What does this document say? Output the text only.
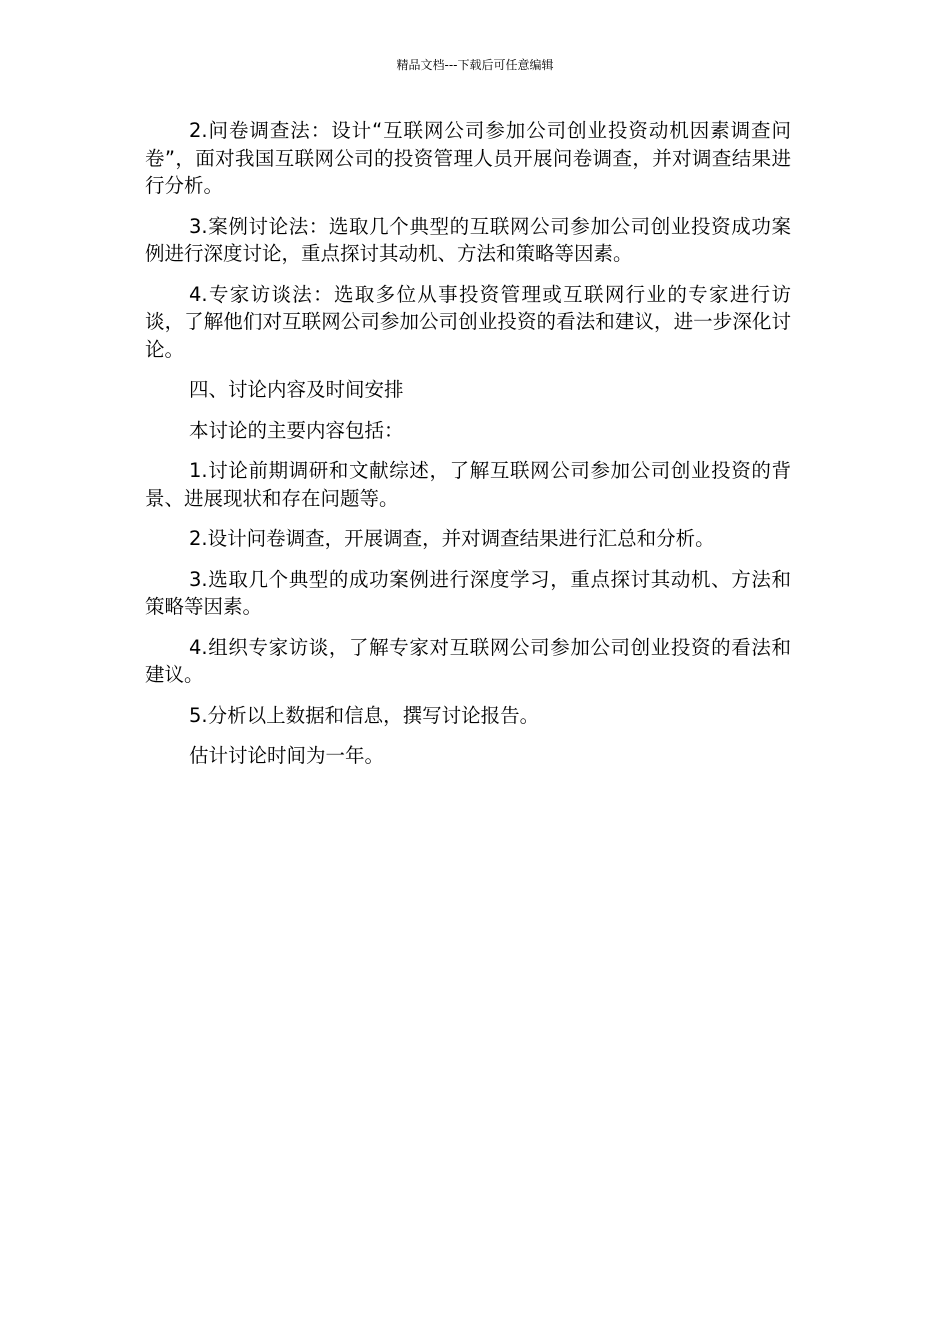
精品文档---下载后可任意编辑

2.问卷调查法：设计“互联网公司参加公司创业投资动机因素调查问卷”，面对我国互联网公司的投资管理人员开展问卷调查，并对调查结果进行分析。

3.案例讨论法：选取几个典型的互联网公司参加公司创业投资成功案例进行深度讨论，重点探讨其动机、方法和策略等因素。

4.专家访谈法：选取多位从事投资管理或互联网行业的专家进行访谈，了解他们对互联网公司参加公司创业投资的看法和建议，进一步深化讨论。

四、讨论内容及时间安排

本讨论的主要内容包括：

1.讨论前期调研和文献综述，了解互联网公司参加公司创业投资的背景、进展现状和存在问题等。

2.设计问卷调查，开展调查，并对调查结果进行汇总和分析。

3.选取几个典型的成功案例进行深度学习，重点探讨其动机、方法和策略等因素。

4.组织专家访谈，了解专家对互联网公司参加公司创业投资的看法和建议。

5.分析以上数据和信息，撰写讨论报告。

估计讨论时间为一年。
